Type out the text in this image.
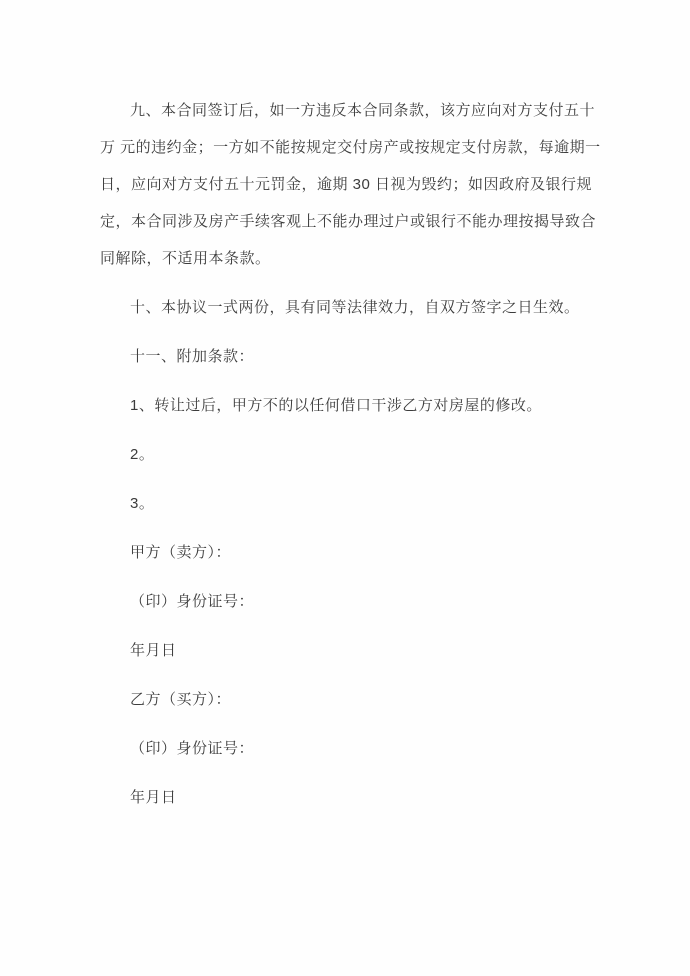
九、本合同签订后，如一方违反本合同条款，该方应向对方支付五十万 元的违约金；一方如不能按规定交付房产或按规定支付房款，每逾期一日，应向对方支付五十元罚金，逾期 30 日视为毁约；如因政府及银行规定，本合同涉及房产手续客观上不能办理过户或银行不能办理按揭导致合同解除，不适用本条款。

十、本协议一式两份，具有同等法律效力，自双方签字之日生效。

十一、附加条款：

1、转让过后，甲方不的以任何借口干涉乙方对房屋的修改。

2。

3。

甲方（卖方）：

（印）身份证号：

年月日

乙方（买方）：

（印）身份证号：

年月日
